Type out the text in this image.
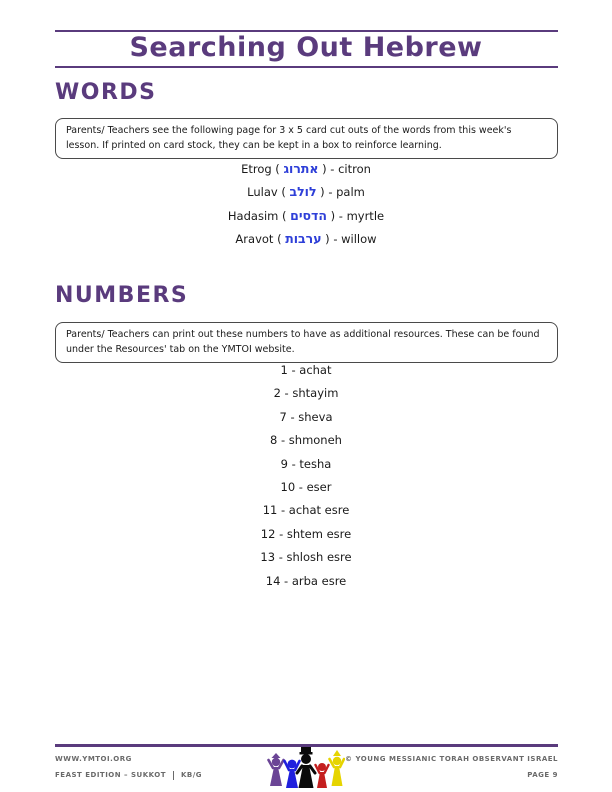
Searching Out Hebrew
WORDS
Parents/ Teachers see the following page for 3 x 5 card cut outs of the words from this week's lesson. If printed on card stock, they can be kept in a box to reinforce learning.
Etrog ( אתרוג ) - citron
Lulav ( לולב ) - palm
Hadasim ( הדסים ) - myrtle
Aravot ( ערבות ) - willow
NUMBERS
Parents/ Teachers can print out these numbers to have as additional resources. These can be found under the Resources' tab on the YMTOI website.
1 - achat
2 - shtayim
7 - sheva
8 - shmoneh
9 - tesha
10 - eser
11 - achat esre
12 - shtem esre
13 - shlosh esre
14 - arba esre
WWW.YMTOI.ORG
FEAST EDITION – SUKKOT KB/G
© YOUNG MESSIANIC TORAH OBSERVANT ISRAEL
PAGE 9
